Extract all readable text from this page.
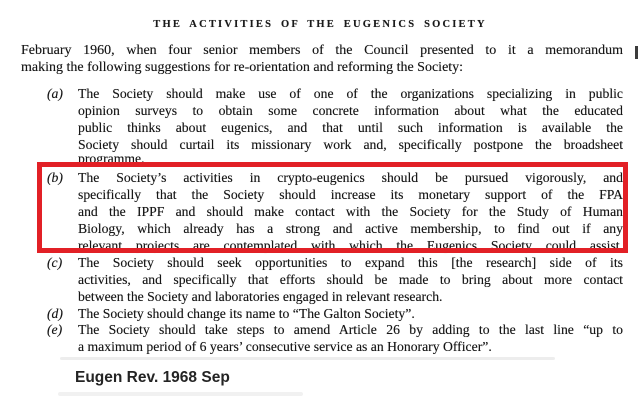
THE ACTIVITIES OF THE EUGENICS SOCIETY
February 1960, when four senior members of the Council presented to it a memorandum
making the following suggestions for re-orientation and reforming the Society:
(a) The Society should make use of one of the organizations specializing in public
opinion surveys to obtain some concrete information about what the educated
public thinks about eugenics, and that until such information is available the
Society should curtail its missionary work and, specifically postpone the broadsheet
programme.
(b) The Society’s activities in crypto-eugenics should be pursued vigorously, and
specifically that the Society should increase its monetary support of the FPA
and the IPPF and should make contact with the Society for the Study of Human
Biology, which already has a strong and active membership, to find out if any
relevant projects are contemplated with which the Eugenics Society could assist.
(c) The Society should seek opportunities to expand this [the research] side of its
activities, and specifically that efforts should be made to bring about more contact
between the Society and laboratories engaged in relevant research.
(d) The Society should change its name to “The Galton Society”.
(e) The Society should take steps to amend Article 26 by adding to the last line “up to
a maximum period of 6 years’ consecutive service as an Honorary Officer”.
Eugen Rev. 1968 Sep
